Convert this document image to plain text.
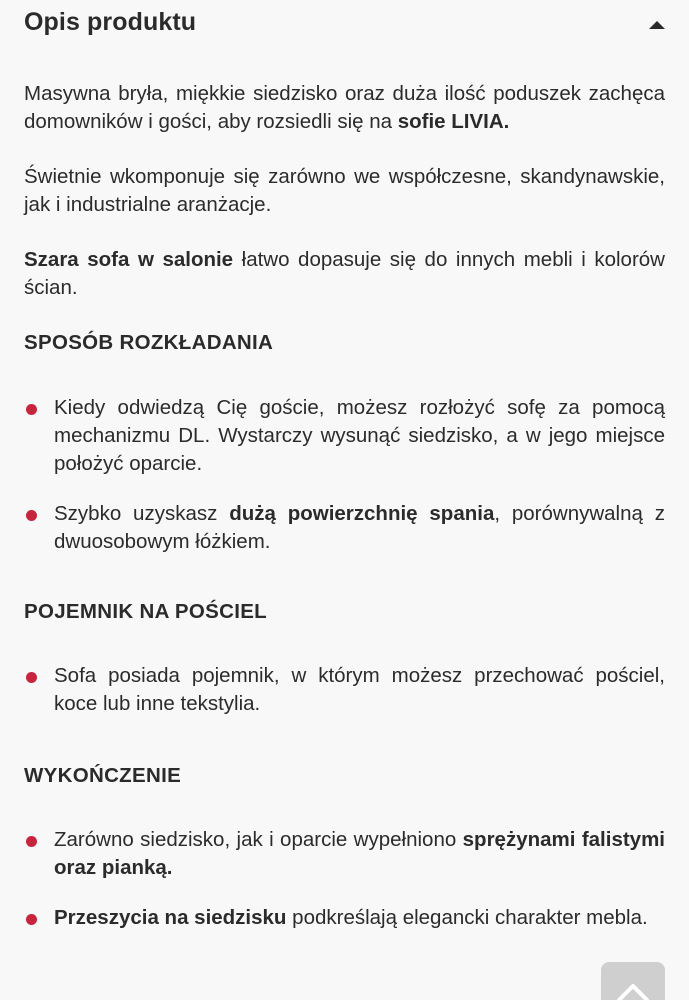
Opis produktu

Masywna bryła, miękkie siedzisko oraz duża ilość poduszek zachęca domowników i gości, aby rozsiedli się na sofie LIVIA.

Świetnie wkomponuje się zarówno we współczesne, skandynawskie, jak i industrialne aranżacje.

Szara sofa w salonie łatwo dopasuje się do innych mebli i kolorów ścian.

SPOSÓB ROZKŁADANIA
Kiedy odwiedzą Cię goście, możesz rozłożyć sofę za pomocą mechanizmu DL. Wystarczy wysunąć siedzisko, a w jego miejsce położyć oparcie.
Szybko uzyskasz dużą powierzchnię spania, porównywalną z dwuosobowym łóżkiem.
POJEMNIK NA POŚCIEL
Sofa posiada pojemnik, w którym możesz przechować pościel, koce lub inne tekstylia.
WYKOŃCZENIE
Zarówno siedzisko, jak i oparcie wypełniono sprężynami falistymi oraz pianką.
Przeszycia na siedzisku podkreślają elegancki charakter mebla.
